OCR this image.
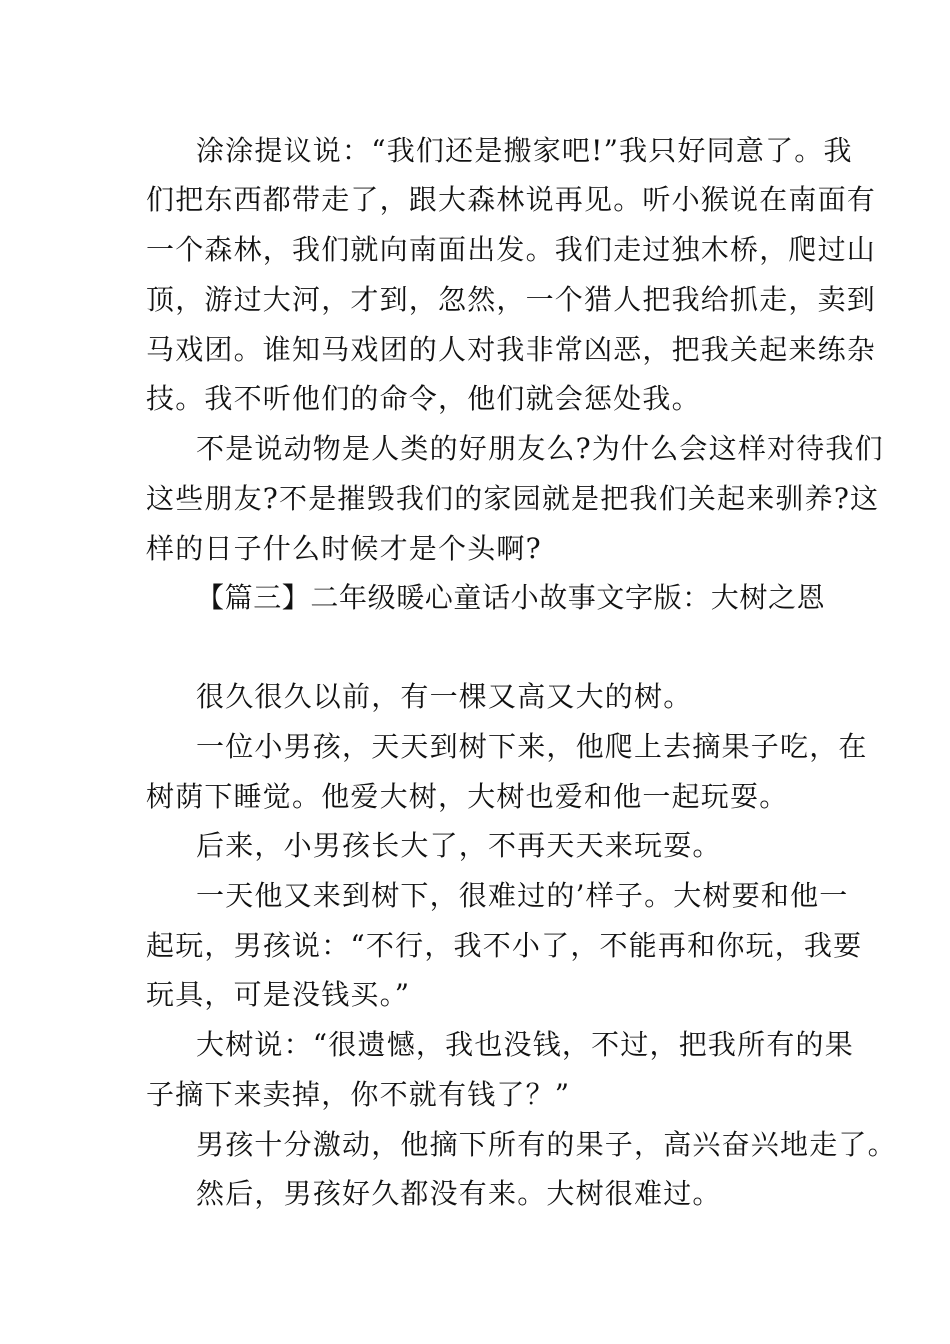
涂涂提议说：“我们还是搬家吧!”我只好同意了。我
们把东西都带走了，跟大森林说再见。听小猴说在南面有
一个森林，我们就向南面出发。我们走过独木桥，爬过山
顶，游过大河，才到，忽然，一个猎人把我给抓走，卖到
马戏团。谁知马戏团的人对我非常凶恶，把我关起来练杂
技。我不听他们的命令，他们就会惩处我。
不是说动物是人类的好朋友么?为什么会这样对待我们
这些朋友?不是摧毁我们的家园就是把我们关起来驯养?这
样的日子什么时候才是个头啊?
【篇三】二年级暖心童话小故事文字版：大树之恩
很久很久以前，有一棵又高又大的树。
一位小男孩，天天到树下来，他爬上去摘果子吃，在
树荫下睡觉。他爱大树，大树也爱和他一起玩耍。
后来，小男孩长大了，不再天天来玩耍。
一天他又来到树下，很难过的’样子。大树要和他一
起玩，男孩说：“不行，我不小了，不能再和你玩，我要
玩具，可是没钱买。”
大树说：“很遗憾，我也没钱，不过，把我所有的果
子摘下来卖掉，你不就有钱了？”
男孩十分激动，他摘下所有的果子，高兴奋兴地走了。
然后，男孩好久都没有来。大树很难过。
